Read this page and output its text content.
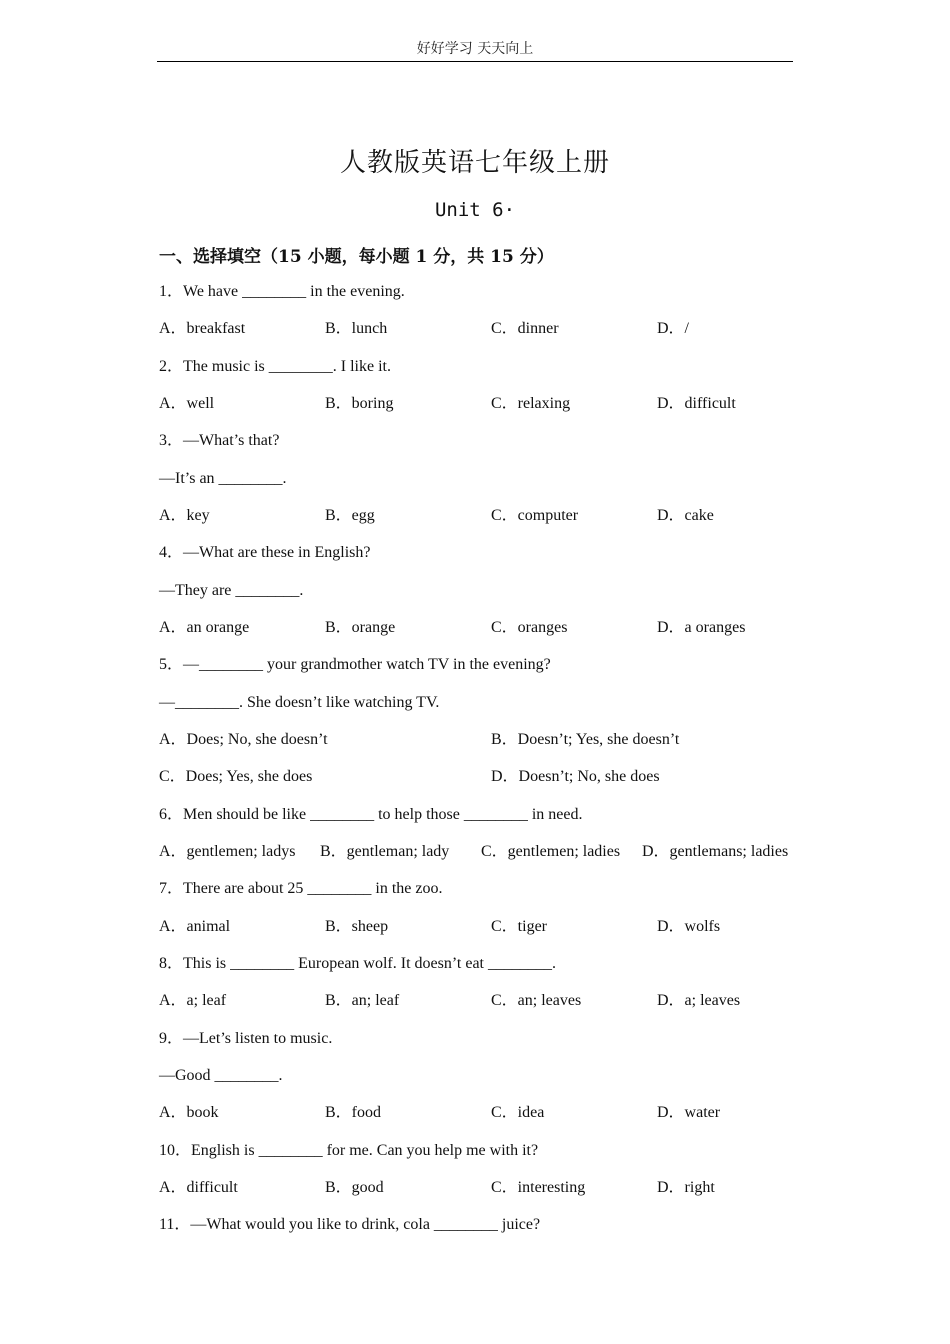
好好学习 天天向上
人教版英语七年级上册
Unit 6·
一、选择填空（15 小题，每小题 1 分，共 15 分）
1．We have ________ in the evening.
A．breakfast	B．lunch	C．dinner	D．/
2．The music is ________. I like it.
A．well	B．boring	C．relaxing	D．difficult
3．—What’s that?
—It’s an ________.
A．key	B．egg	C．computer	D．cake
4．—What are these in English?
—They are ________.
A．an orange	B．orange	C．oranges	D．a oranges
5．—________ your grandmother watch TV in the evening?
—________. She doesn’t like watching TV.
A．Does; No, she doesn’t	B．Doesn’t; Yes, she doesn’t
C．Does; Yes, she does	D．Doesn’t; No, she does
6．Men should be like ________ to help those ________ in need.
A．gentlemen; ladys B．gentleman; lady C．gentlemen; ladies D．gentlemans; ladies
7．There are about 25 ________ in the zoo.
A．animal	B．sheep	C．tiger	D．wolfs
8．This is ________ European wolf. It doesn’t eat ________.
A．a; leaf	B．an; leaf	C．an; leaves	D．a; leaves
9．—Let’s listen to music.
—Good ________.
A．book	B．food	C．idea	D．water
10．English is ________ for me. Can you help me with it?
A．difficult	B．good	C．interesting	D．right
11．—What would you like to drink, cola ________ juice?
